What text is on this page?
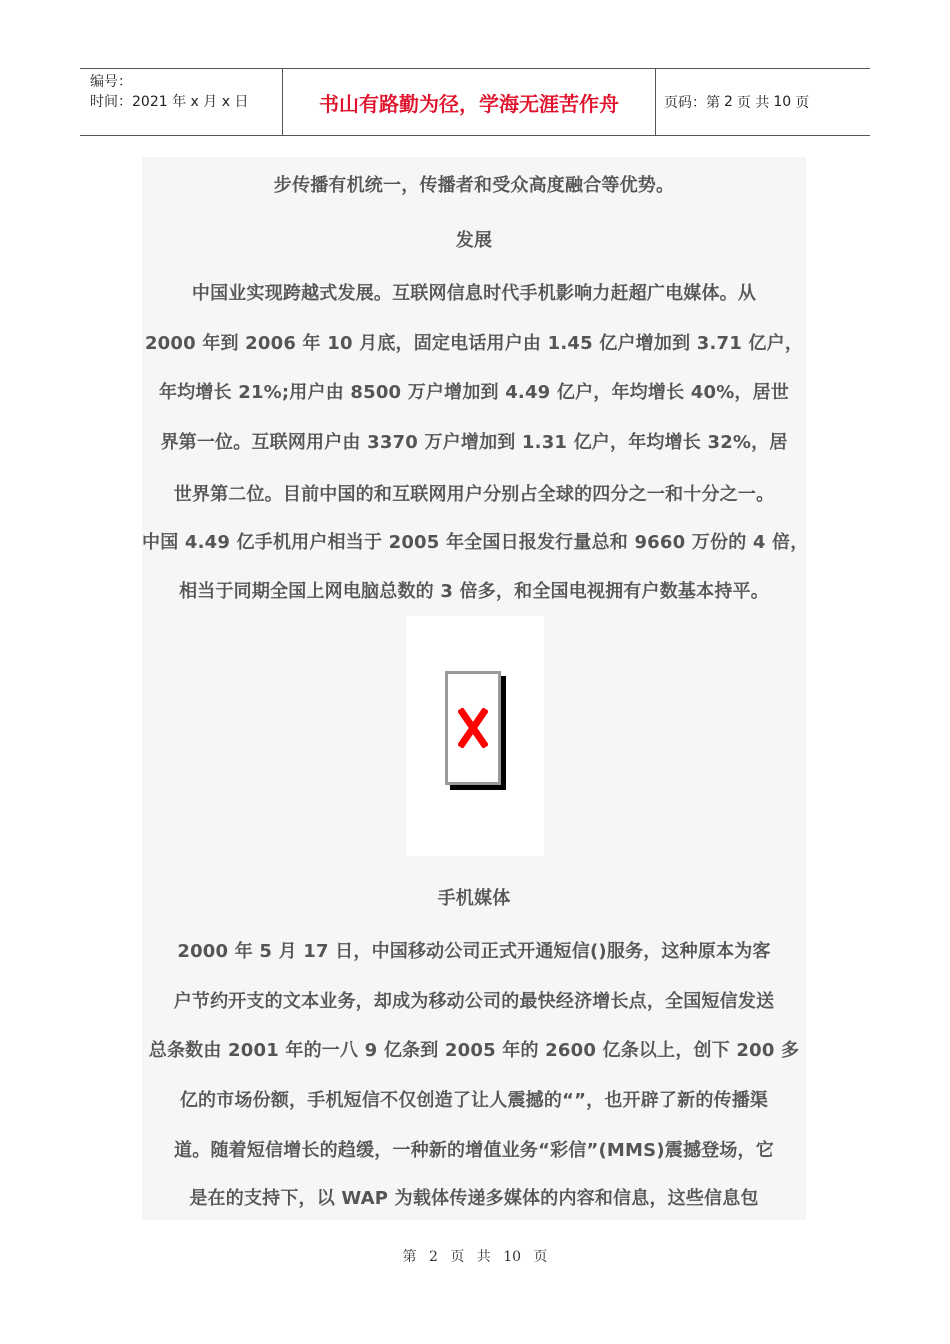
编号：
时间：2021 年 x 月 x 日	书山有路勤为径，学海无涯苦作舟	页码：第 2 页 共 10 页
步传播有机统一，传播者和受众高度融合等优势。
发展
中国业实现跨越式发展。互联网信息时代手机影响力赶超广电媒体。从
2000 年到 2006 年 10 月底，固定电话用户由 1.45 亿户增加到 3.71 亿户，
年均增长 21%;用户由 8500 万户增加到 4.49 亿户，年均增长 40%，居世
界第一位。互联网用户由 3370 万户增加到 1.31 亿户，年均增长 32%，居
世界第二位。目前中国的和互联网用户分别占全球的四分之一和十分之一。
中国 4.49 亿手机用户相当于 2005 年全国日报发行量总和 9660 万份的 4 倍，
相当于同期全国上网电脑总数的 3 倍多，和全国电视拥有户数基本持平。
手机媒体
2000 年 5 月 17 日，中国移动公司正式开通短信()服务，这种原本为客
户节约开支的文本业务，却成为移动公司的最快经济增长点，全国短信发送
总条数由 2001 年的一八 9 亿条到 2005 年的 2600 亿条以上，创下 200 多
亿的市场份额，手机短信不仅创造了让人震撼的“”，也开辟了新的传播渠
道。随着短信增长的趋缓，一种新的增值业务“彩信”(MMS)震撼登场，它
是在的支持下，以 WAP 为载体传递多媒体的内容和信息，这些信息包
第 2 页 共 10 页
